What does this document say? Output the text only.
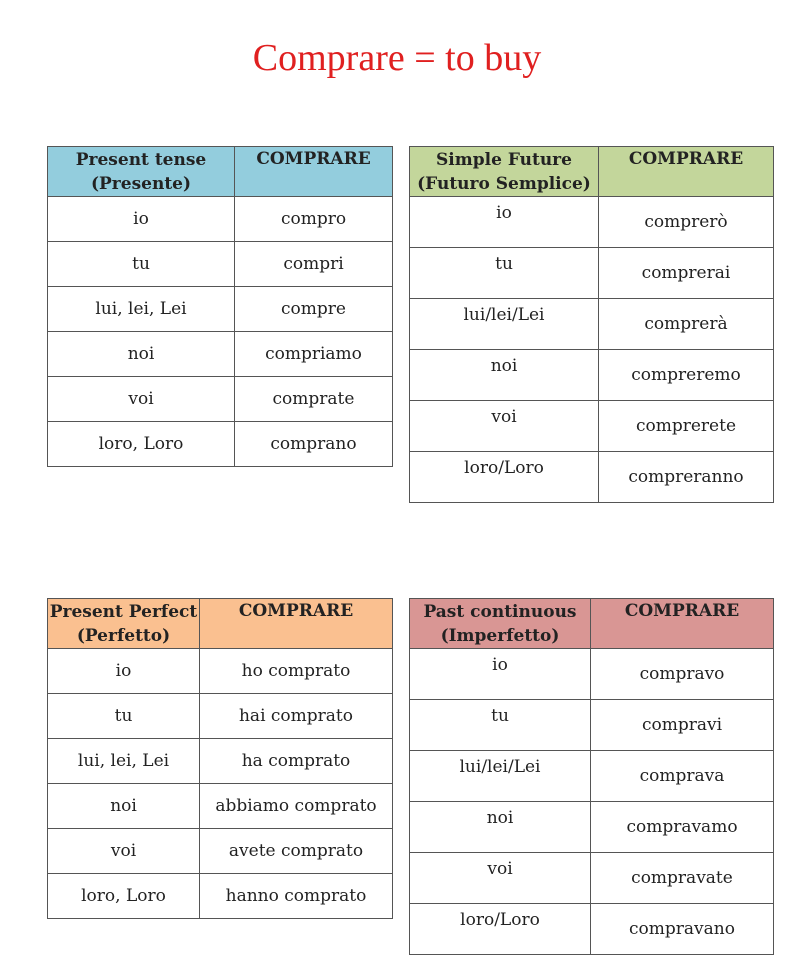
Comprare = to buy
Present tense
(Presente)	COMPRARE
io	compro
tu	compri
lui, lei, Lei	compre
noi	compriamo
voi	comprate
loro, Loro	comprano
Simple Future
(Futuro Semplice)	COMPRARE
io	comprerò
tu	comprerai
lui/lei/Lei	comprerà
noi	compreremo
voi	comprerete
loro/Loro	compreranno
Present Perfect
(Perfetto)	COMPRARE
io	ho comprato
tu	hai comprato
lui, lei, Lei	ha comprato
noi	abbiamo comprato
voi	avete comprato
loro, Loro	hanno comprato
Past continuous
(Imperfetto)	COMPRARE
io	compravo
tu	compravi
lui/lei/Lei	comprava
noi	compravamo
voi	compravate
loro/Loro	compravano
